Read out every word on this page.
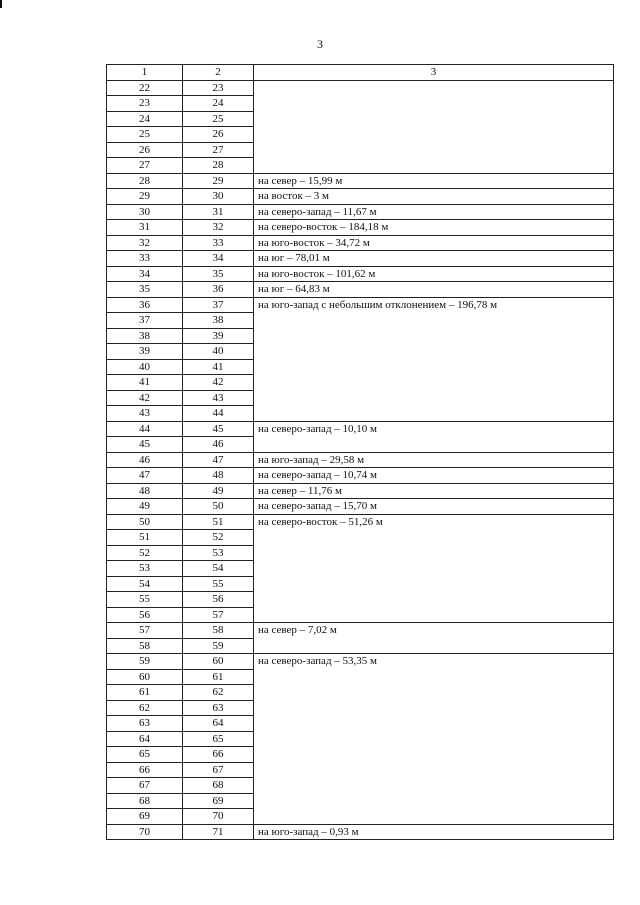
3
1	2	3
22	23	
23	24	
24	25	
25	26	
26	27	
27	28	
28	29	на север – 15,99 м
29	30	на восток – 3 м
30	31	на северо-запад – 11,67 м
31	32	на северо-восток – 184,18 м
32	33	на юго-восток – 34,72 м
33	34	на юг – 78,01 м
34	35	на юго-восток – 101,62 м
35	36	на юг – 64,83 м
36	37	на юго-запад с небольшим отклонением – 196,78 м
37	38	
38	39	
39	40	
40	41	
41	42	
42	43	
43	44	
44	45	на северо-запад – 10,10 м
45	46	
46	47	на юго-запад – 29,58 м
47	48	на северо-запад – 10,74 м
48	49	на север – 11,76 м
49	50	на северо-запад – 15,70 м
50	51	на северо-восток – 51,26 м
51	52	
52	53	
53	54	
54	55	
55	56	
56	57	
57	58	на север – 7,02 м
58	59	
59	60	на северо-запад – 53,35 м
60	61	
61	62	
62	63	
63	64	
64	65	
65	66	
66	67	
67	68	
68	69	
69	70	
70	71	на юго-запад – 0,93 м
